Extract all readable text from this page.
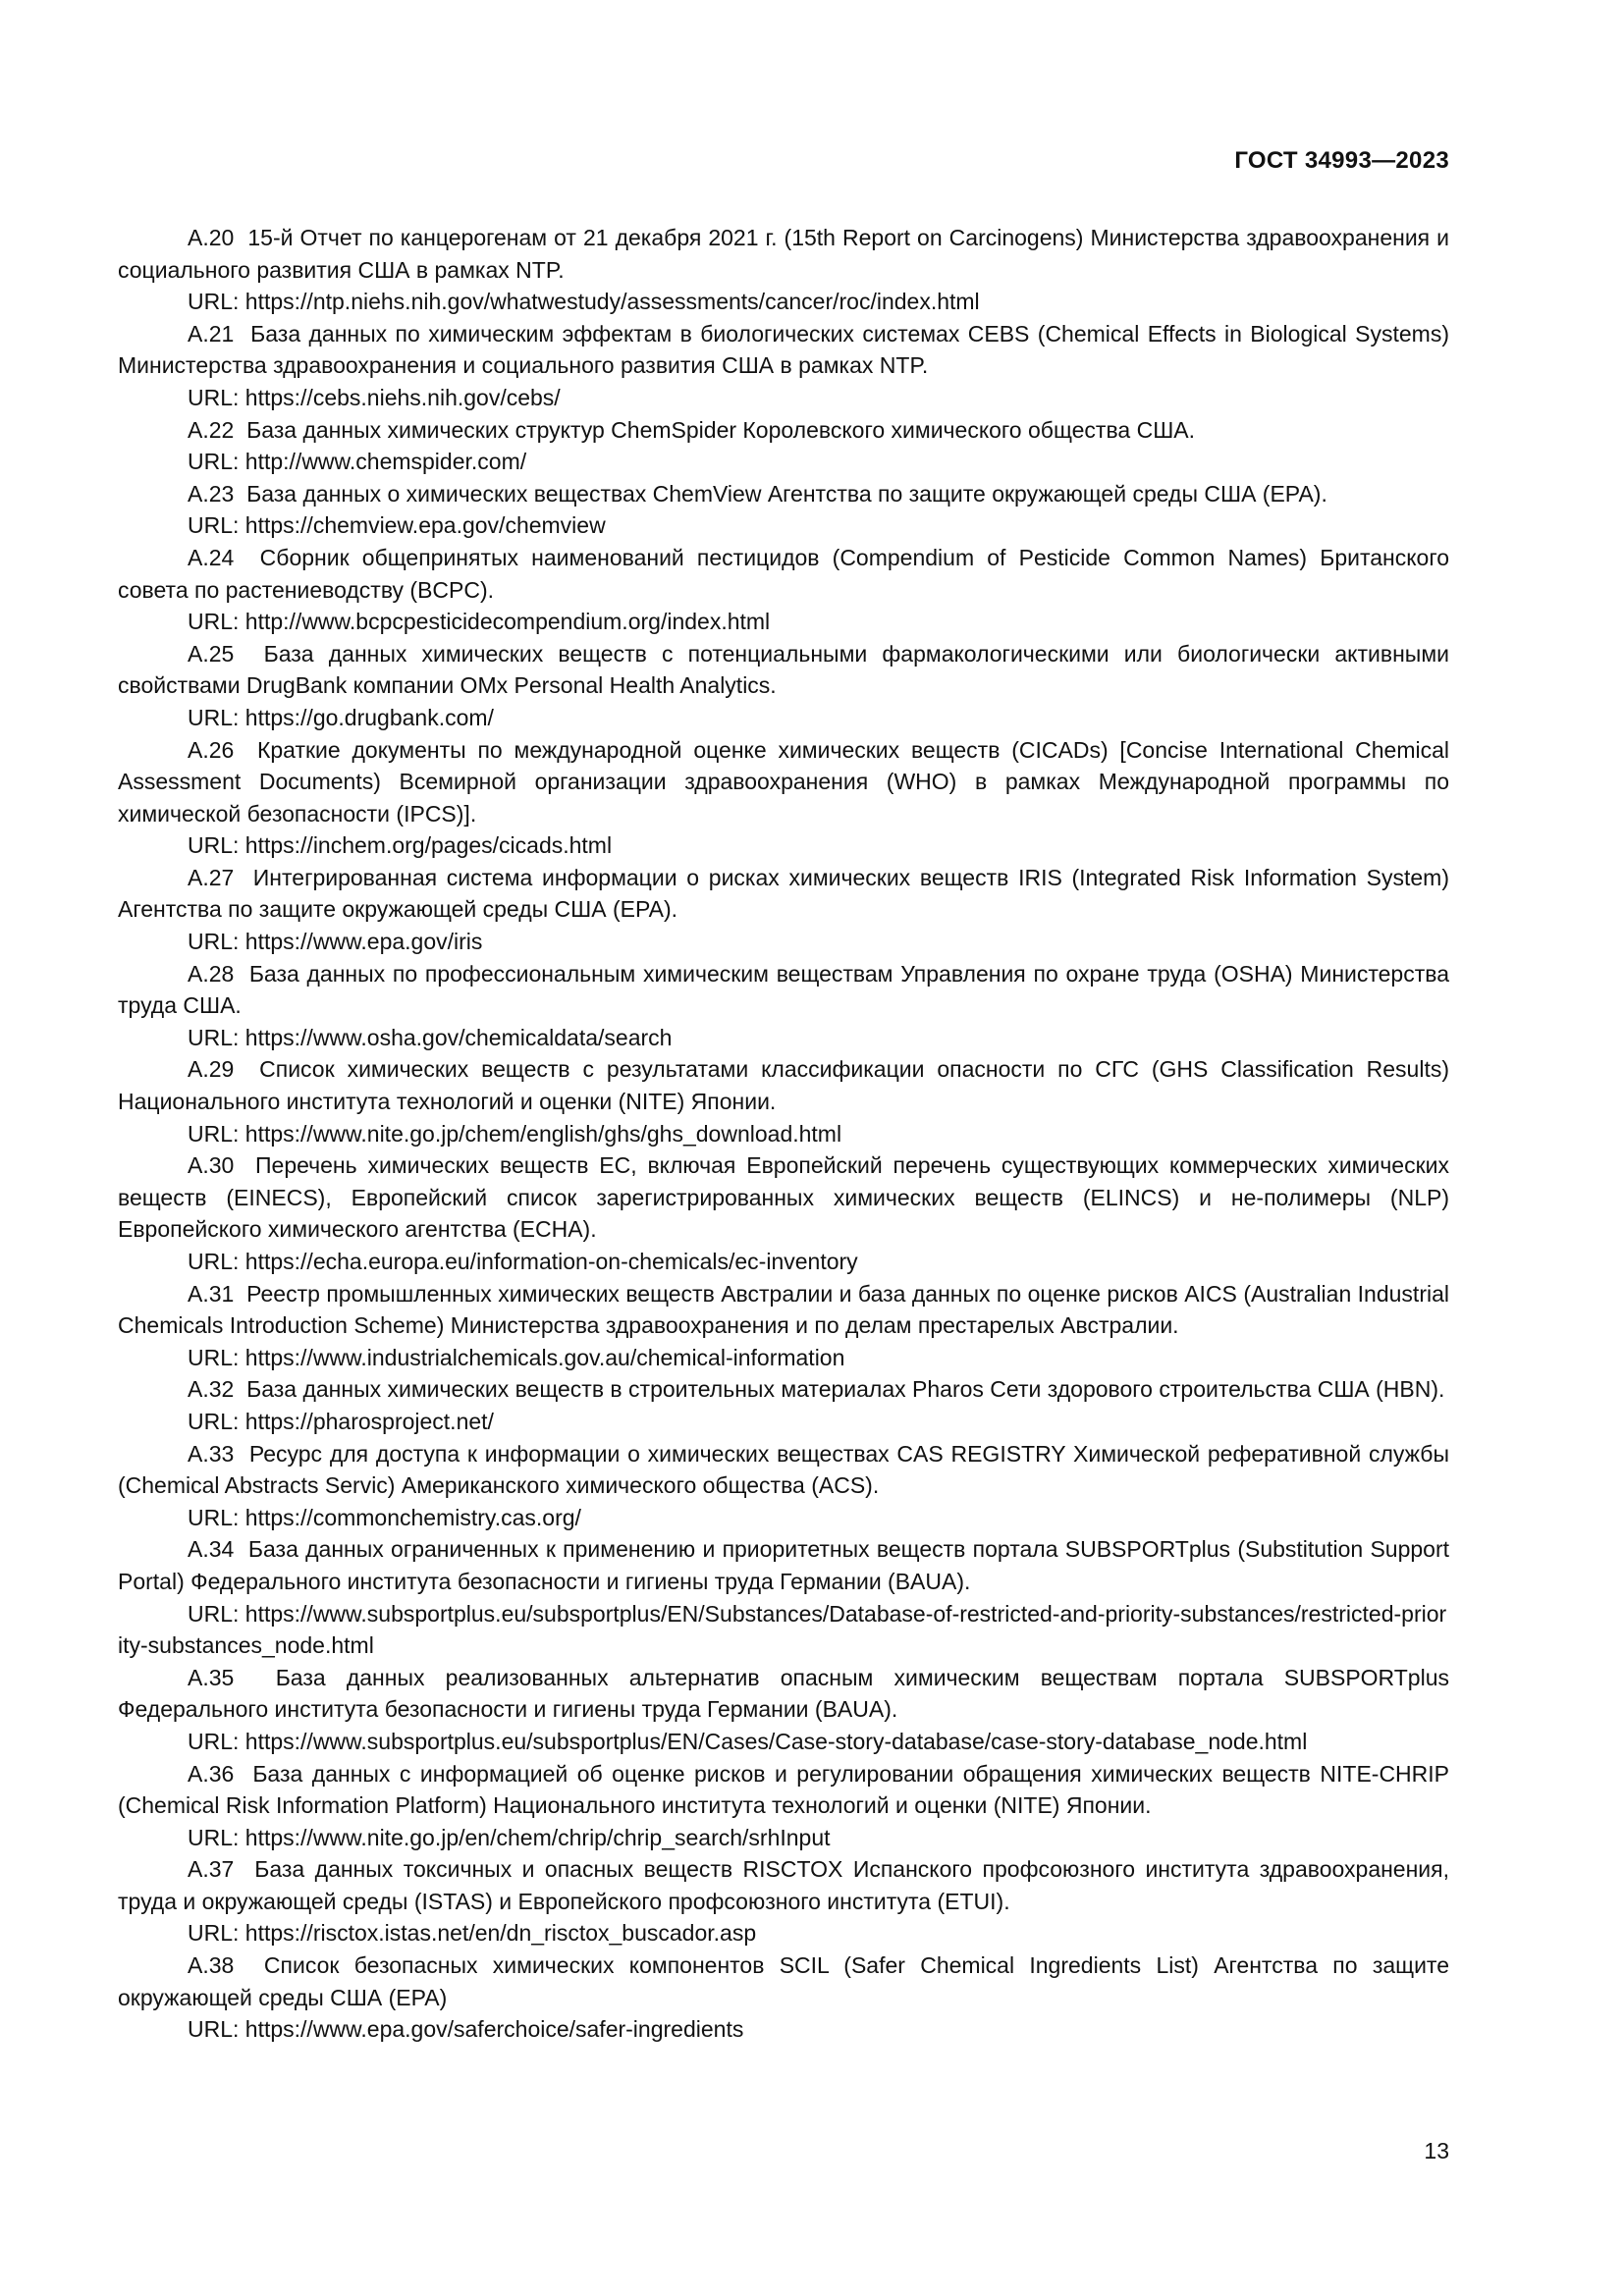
ГОСТ 34993—2023

А.20 15-й Отчет по канцерогенам от 21 декабря 2021 г. (15th Report on Carcinogens) Министерства здравоохранения и социального развития США в рамках NTP.

URL: https://ntp.niehs.nih.gov/whatwestudy/assessments/cancer/roc/index.html

А.21 База данных по химическим эффектам в биологических системах CEBS (Chemical Effects in Biological Systems) Министерства здравоохранения и социального развития США в рамках NTP.

URL: https://cebs.niehs.nih.gov/cebs/

А.22 База данных химических структур ChemSpider Королевского химического общества США.

URL: http://www.chemspider.com/

А.23 База данных о химических веществах ChemView Агентства по защите окружающей среды США (EPA).

URL: https://chemview.epa.gov/chemview

А.24 Сборник общепринятых наименований пестицидов (Compendium of Pesticide Common Names) Британского совета по растениеводству (BCPC).

URL: http://www.bcpcpesticidecompendium.org/index.html

А.25 База данных химических веществ с потенциальными фармакологическими или биологически активными свойствами DrugBank компании OMx Personal Health Analytics.

URL: https://go.drugbank.com/

А.26 Краткие документы по международной оценке химических веществ (CICADs) [Concise International Chemical Assessment Documents) Всемирной организации здравоохранения (WHO) в рамках Международной программы по химической безопасности (IPCS)].

URL: https://inchem.org/pages/cicads.html

А.27 Интегрированная система информации о рисках химических веществ IRIS (Integrated Risk Information System) Агентства по защите окружающей среды США (EPA).

URL: https://www.epa.gov/iris

А.28 База данных по профессиональным химическим веществам Управления по охране труда (OSHA) Министерства труда США.

URL: https://www.osha.gov/chemicaldata/search

А.29 Список химических веществ с результатами классификации опасности по СГС (GHS Classification Results) Национального института технологий и оценки (NITE) Японии.

URL: https://www.nite.go.jp/chem/english/ghs/ghs_download.html

А.30 Перечень химических веществ ЕС, включая Европейский перечень существующих коммерческих химических веществ (EINECS), Европейский список зарегистрированных химических веществ (ELINCS) и не-полимеры (NLP) Европейского химического агентства (ECHA).

URL: https://echa.europa.eu/information-on-chemicals/ec-inventory

А.31 Реестр промышленных химических веществ Австралии и база данных по оценке рисков AICS (Australian Industrial Chemicals Introduction Scheme) Министерства здравоохранения и по делам престарелых Австралии.

URL: https://www.industrialchemicals.gov.au/chemical-information

А.32 База данных химических веществ в строительных материалах Pharos Сети здорового строительства США (HBN).

URL: https://pharosproject.net/

А.33 Ресурс для доступа к информации о химических веществах CAS REGISTRY Химической реферативной службы (Chemical Abstracts Servic) Американского химического общества (ACS).

URL: https://commonchemistry.cas.org/

А.34 База данных ограниченных к применению и приоритетных веществ портала SUBSPORTplus (Substitution Support Portal) Федерального института безопасности и гигиены труда Германии (BAUA).

URL: https://www.subsportplus.eu/subsportplus/EN/Substances/Database-of-restricted-and-priority-substances/restricted-priority-substances_node.html

А.35 База данных реализованных альтернатив опасным химическим веществам портала SUBSPORTplus Федерального института безопасности и гигиены труда Германии (BAUA).

URL: https://www.subsportplus.eu/subsportplus/EN/Cases/Case-story-database/case-story-database_node.html

А.36 База данных с информацией об оценке рисков и регулировании обращения химических веществ NITE-CHRIP (Chemical Risk Information Platform) Национального института технологий и оценки (NITE) Японии.

URL: https://www.nite.go.jp/en/chem/chrip/chrip_search/srhInput

А.37 База данных токсичных и опасных веществ RISCTOX Испанского профсоюзного института здравоохранения, труда и окружающей среды (ISTAS) и Европейского профсоюзного института (ETUI).

URL: https://risctox.istas.net/en/dn_risctox_buscador.asp

А.38 Список безопасных химических компонентов SCIL (Safer Chemical Ingredients List) Агентства по защите окружающей среды США (EPA)

URL: https://www.epa.gov/saferchoice/safer-ingredients

13
